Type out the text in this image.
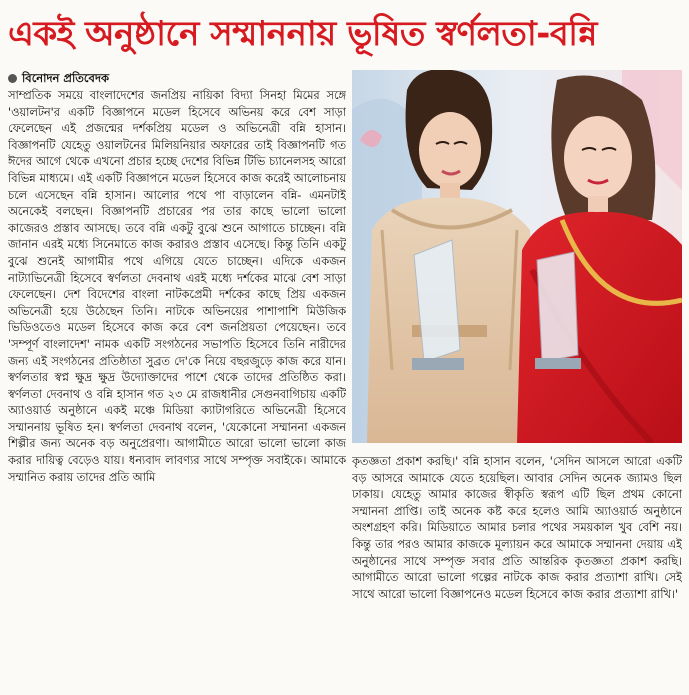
একই অনুষ্ঠানে সম্মাননায় ভূষিত স্বর্ণলতা-বন্নি
বিনোদন প্রতিবেদক
সাম্প্রতিক সময়ে বাংলাদেশের জনপ্রিয় নায়িকা বিদ্যা সিনহা মিমের সঙ্গে 'ওয়ালটন'র একটি বিজ্ঞাপনে মডেল হিসেবে অভিনয় করে বেশ সাড়া ফেলেছেন এই প্রজন্মের দর্শকপ্রিয় মডেল ও অভিনেত্রী বন্নি হাসান। বিজ্ঞাপনটি যেহেতু ওয়ালটনের মিলিয়নিয়ার অফারের তাই বিজ্ঞাপনটি গত ঈদের আগে থেকে এখনো প্রচার হচ্ছে দেশের বিভিন্ন টিভি চ্যানেলসহ আরো বিভিন্ন মাধ্যমে। এই একটি বিজ্ঞাপনে মডেল হিসেবে কাজ করেই আলোচনায় চলে এসেছেন বন্নি হাসান। আলোর পথে পা বাড়ালেন বন্নি- এমনটাই অনেকেই বলছেন। বিজ্ঞাপনটি প্রচারের পর তার কাছে ভালো ভালো কাজেরও প্রস্তাব আসছে। তবে বন্নি একটু বুঝে শুনে আগাতে চাচ্ছেন। বন্নি জানান এরই মধ্যে সিনেমাতে কাজ করারও প্রস্তাব এসেছে। কিন্তু তিনি একটু বুঝে শুনেই আগামীর পথে এগিয়ে যেতে চাচ্ছেন। এদিকে একজন নাট্যাভিনেত্রী হিসেবে স্বর্ণলতা দেবনাথ এরই মধ্যে দর্শকের মাঝে বেশ সাড়া ফেলেছেন। দেশ বিদেশের বাংলা নাটকপ্রেমী দর্শকের কাছে প্রিয় একজন অভিনেত্রী হয়ে উঠেছেন তিনি। নাটকে অভিনয়ের পাশাপাশি মিউজিক ভিডিওতেও মডেল হিসেবে কাজ করে বেশ জনপ্রিয়তা পেয়েছেন। তবে 'সম্পূর্ণ বাংলাদেশ' নামক একটি সংগঠনের সভাপতি হিসেবে তিনি নারীদের জন্য এই সংগঠনের প্রতিষ্ঠাতা সুব্রত দে'কে নিয়ে বছরজুড়ে কাজ করে যান। স্বর্ণলতার স্বপ্ন ক্ষুদ্র ক্ষুদ্র উদ্যোক্তাদের পাশে থেকে তাদের প্রতিষ্ঠিত করা। স্বর্ণলতা দেবনাথ ও বন্নি হাসান গত ২৩ মে রাজধানীর সেগুনবাগিচায় একটি অ্যাওয়ার্ড অনুষ্ঠানে একই মঞ্চে মিডিয়া ক্যাটাগরিতে অভিনেত্রী হিসেবে সম্মাননায় ভূষিত হন। স্বর্ণলতা দেবনাথ বলেন, 'যেকোনো সম্মাননা একজন শিল্পীর জন্য অনেক বড় অনুপ্রেরণা। আগামীতে আরো ভালো ভালো কাজ করার দায়িত্ব বেড়েও যায়। ধন্যবাদ লাবণ্যর সাথে সম্পৃক্ত সবাইকে। আমাকে সম্মানিত করায় তাদের প্রতি আমি
কৃতজ্ঞতা প্রকাশ করছি।' বন্নি হাসান বলেন, 'সেদিন আসলে আরো একটি বড় আসরে আমাকে যেতে হয়েছিল। আবার সেদিন অনেক জ্যামও ছিল ঢাকায়। যেহেতু আমার কাজের স্বীকৃতি স্বরূপ এটি ছিল প্রথম কোনো সম্মাননা প্রাপ্তি। তাই অনেক কষ্ট করে হলেও আমি অ্যাওয়ার্ড অনুষ্ঠানে অংশগ্রহণ করি। মিডিয়াতে আমার চলার পথের সময়কাল খুব বেশি নয়। কিন্তু তার পরও আমার কাজকে মূল্যায়ন করে আমাকে সম্মাননা দেয়ায় এই অনুষ্ঠানের সাথে সম্পৃক্ত সবার প্রতি আন্তরিক কৃতজ্ঞতা প্রকাশ করছি। আগামীতে আরো ভালো গল্পের নাটকে কাজ করার প্রত্যাশা রাখি। সেই সাথে আরো ভালো বিজ্ঞাপনেও মডেল হিসেবে কাজ করার প্রত্যাশা রাখি।'
